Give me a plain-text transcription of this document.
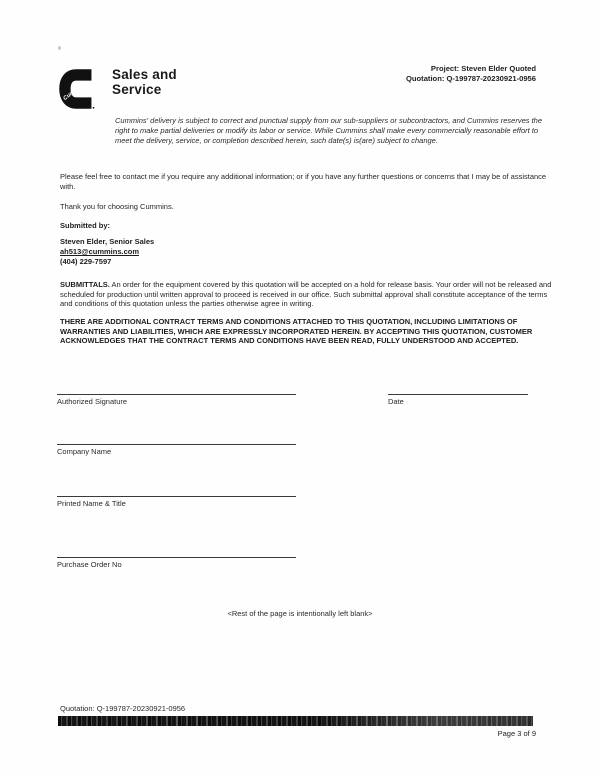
Cummins
Sales and
Service
Project: Steven Elder Quoted
Quotation: Q-199787-20230921-0956
Cummins' delivery is subject to correct and punctual supply from our sub-suppliers or subcontractors, and Cummins reserves the right to make partial deliveries or modify its labor or service. While Cummins shall make every commercially reasonable effort to meet the delivery, service, or completion described herein, such date(s) is(are) subject to change.
Please feel free to contact me if you require any additional information; or if you have any further questions or concerns that I may be of assistance with.
Thank you for choosing Cummins.
Submitted by:
Steven Elder, Senior Sales
ah513@cummins.com
(404) 229-7597
SUBMITTALS. An order for the equipment covered by this quotation will be accepted on a hold for release basis. Your order will not be released and scheduled for production until written approval to proceed is received in our office. Such submittal approval shall constitute acceptance of the terms and conditions of this quotation unless the parties otherwise agree in writing.
THERE ARE ADDITIONAL CONTRACT TERMS AND CONDITIONS ATTACHED TO THIS QUOTATION, INCLUDING LIMITATIONS OF WARRANTIES AND LIABILITIES, WHICH ARE EXPRESSLY INCORPORATED HEREIN. BY ACCEPTING THIS QUOTATION, CUSTOMER ACKNOWLEDGES THAT THE CONTRACT TERMS AND CONDITIONS HAVE BEEN READ, FULLY UNDERSTOOD AND ACCEPTED.
Authorized Signature	Date
Company Name
Printed Name & Title
Purchase Order No
<Rest of the page is intentionally left blank>
Quotation: Q-199787-20230921-0956
Page 3 of 9
